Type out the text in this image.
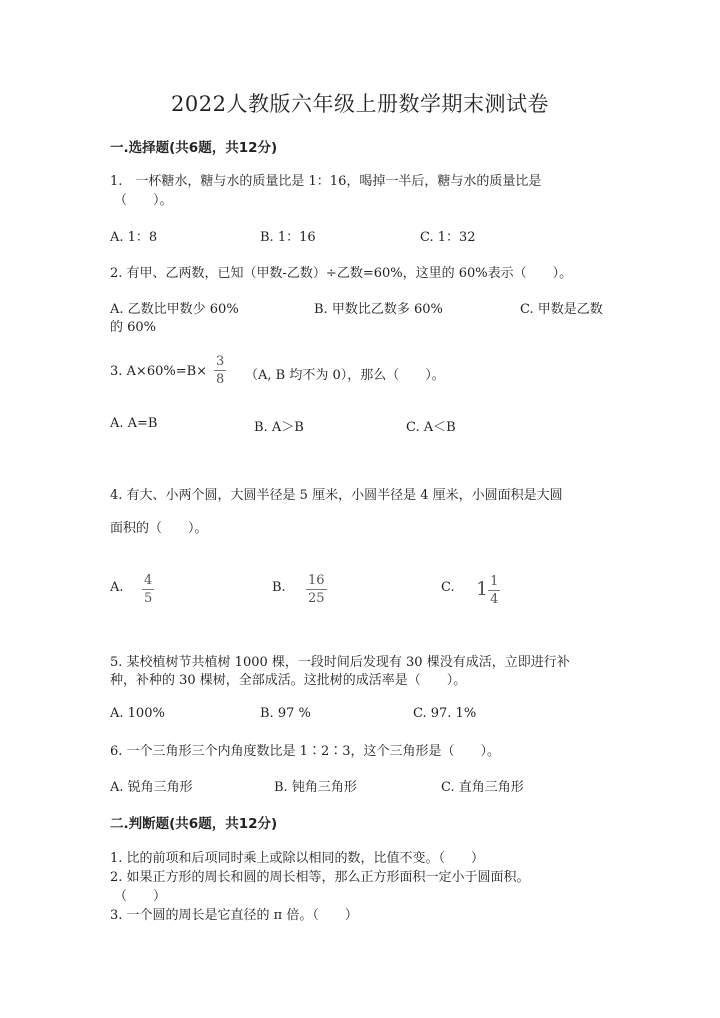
2022人教版六年级上册数学期末测试卷
一.选择题(共6题，共12分)
1.　一杯糖水，糖与水的质量比是 1：16，喝掉一半后，糖与水的质量比是
（　　）。
A. 1：8	B. 1：16	C. 1：32
2. 有甲、乙两数，已知（甲数-乙数）÷乙数=60%，这里的 60%表示（　　）。
A. 乙数比甲数少 60%	B. 甲数比乙数多 60%	C. 甲数是乙数
的 60%
3. A×60%=B×
3
8 （A, B 均不为 0），那么（　　）。
A. A=B	B. A＞B	C. A＜B
4. 有大、小两个圆，大圆半径是 5 厘米，小圆半径是 4 厘米，小圆面积是大圆
面积的（　　）。
A. 4
5
B. 16
25
C. $1 \frac{1}{4}$
5. 某校植树节共植树 1000 棵，一段时间后发现有 30 棵没有成活，立即进行补
种，补种的 30 棵树，全部成活。这批树的成活率是（　　）。
A. 100%	B. 97 %	C. 97. 1%
6. 一个三角形三个内角度数比是 1∶2∶3，这个三角形是（　　）。
A. 锐角三角形	B. 钝角三角形	C. 直角三角形
二.判断题(共6题，共12分)
1. 比的前项和后项同时乘上或除以相同的数，比值不变。（　　）
2. 如果正方形的周长和圆的周长相等，那么正方形面积一定小于圆面积。
（　　）
3. 一个圆的周长是它直径的 π 倍。（　　）
